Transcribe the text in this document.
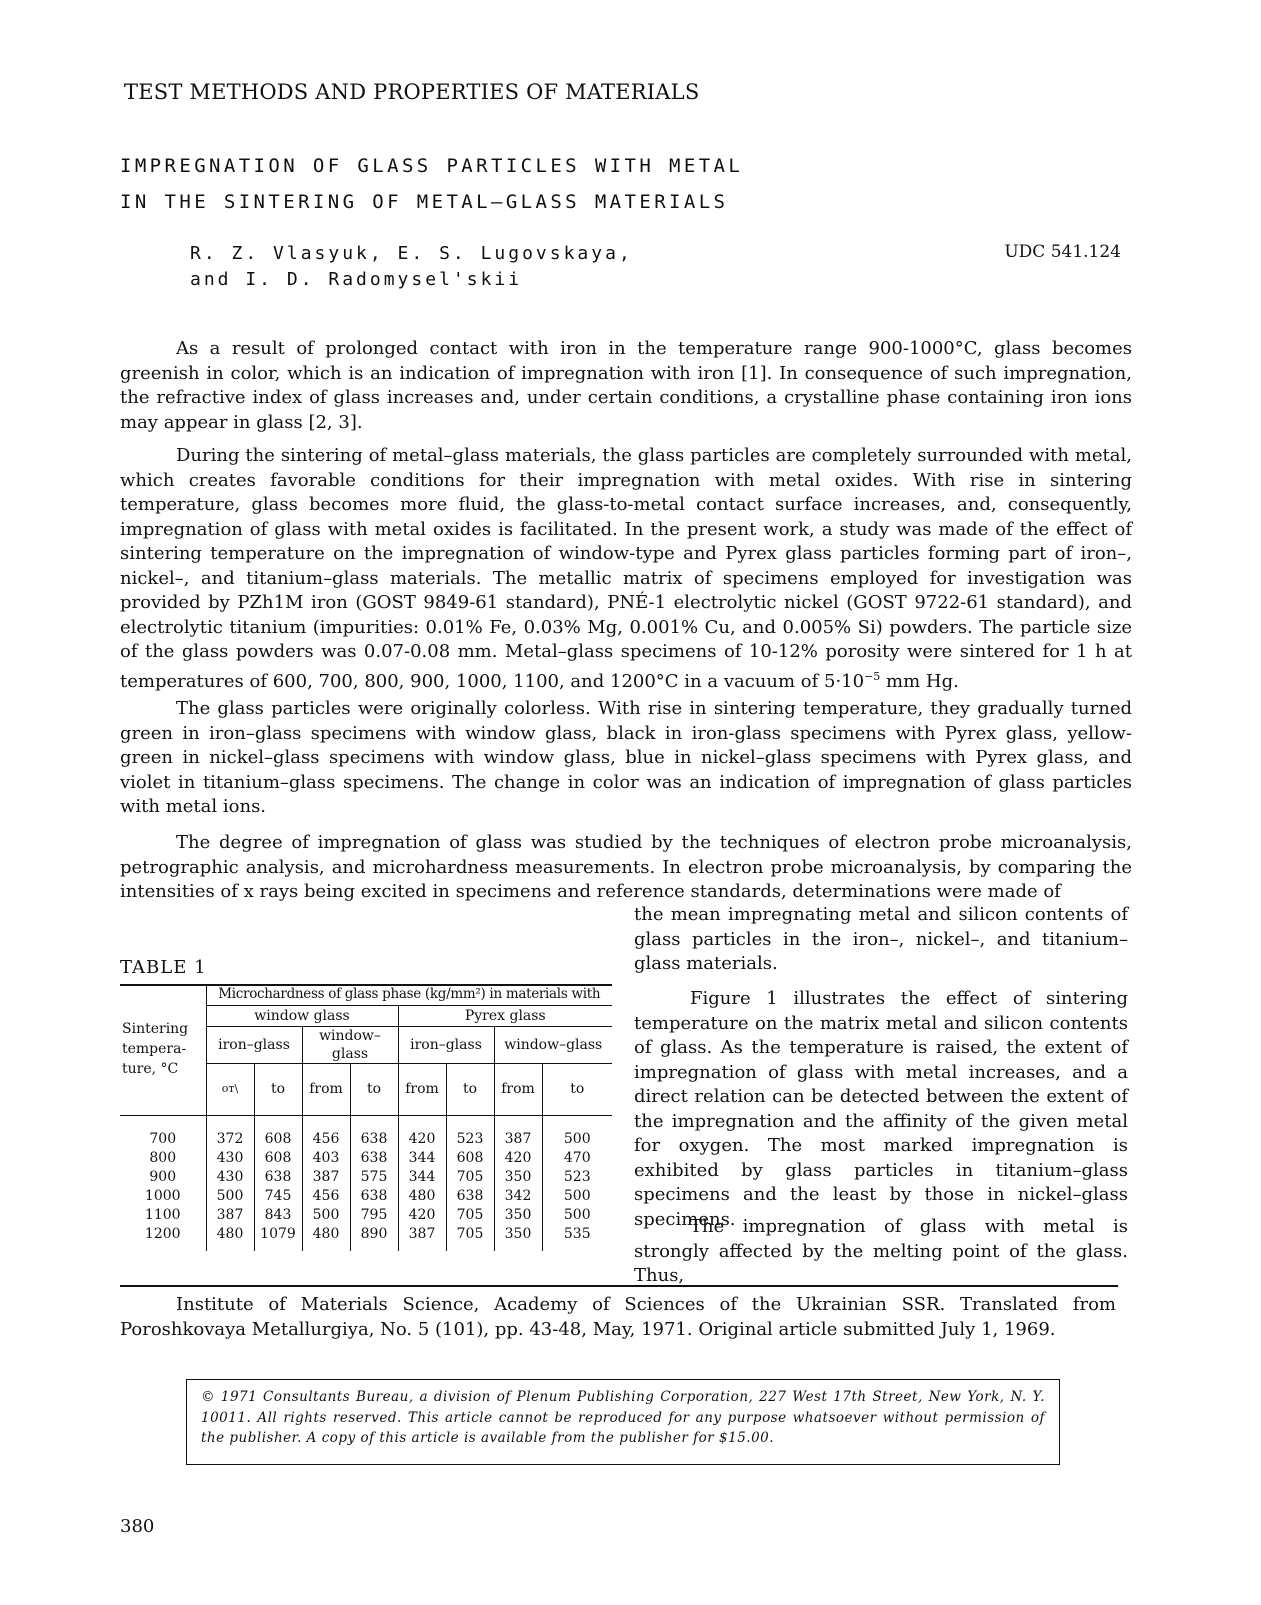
TEST METHODS AND PROPERTIES OF MATERIALS
IMPREGNATION OF GLASS PARTICLES WITH METAL
IN THE SINTERING OF METAL–GLASS MATERIALS
R. Z. Vlasyuk, E. S. Lugovskaya,
and I. D. Radomysel'skii
UDC 541.124
As a result of prolonged contact with iron in the temperature range 900-1000°C, glass becomes greenish in color, which is an indication of impregnation with iron [1]. In consequence of such impregnation, the refractive index of glass increases and, under certain conditions, a crystalline phase containing iron ions may appear in glass [2, 3].
During the sintering of metal–glass materials, the glass particles are completely surrounded with metal, which creates favorable conditions for their impregnation with metal oxides. With rise in sintering temperature, glass becomes more fluid, the glass-to-metal contact surface increases, and, consequently, impregnation of glass with metal oxides is facilitated. In the present work, a study was made of the effect of sintering temperature on the impregnation of window-type and Pyrex glass particles forming part of iron–, nickel–, and titanium–glass materials. The metallic matrix of specimens employed for investigation was provided by PZh1M iron (GOST 9849-61 standard), PNÉ-1 electrolytic nickel (GOST 9722-61 standard), and electrolytic titanium (impurities: 0.01% Fe, 0.03% Mg, 0.001% Cu, and 0.005% Si) powders. The particle size of the glass powders was 0.07-0.08 mm. Metal–glass specimens of 10-12% porosity were sintered for 1 h at temperatures of 600, 700, 800, 900, 1000, 1100, and 1200°C in a vacuum of $5\cdot 10^{-5}$ mm Hg.
The glass particles were originally colorless. With rise in sintering temperature, they gradually turned green in iron–glass specimens with window glass, black in iron-glass specimens with Pyrex glass, yellow-green in nickel–glass specimens with window glass, blue in nickel–glass specimens with Pyrex glass, and violet in titanium–glass specimens. The change in color was an indication of impregnation of glass particles with metal ions.
The degree of impregnation of glass was studied by the techniques of electron probe microanalysis, petrographic analysis, and microhardness measurements. In electron probe microanalysis, by comparing the intensities of x rays being excited in specimens and reference standards, determinations were made of
the mean impregnating metal and silicon contents of glass particles in the iron–, nickel–, and titanium–glass materials.
Figure 1 illustrates the effect of sintering temperature on the matrix metal and silicon contents of glass. As the temperature is raised, the extent of impregnation of glass with metal increases, and a direct relation can be detected between the extent of the impregnation and the affinity of the given metal for oxygen. The most marked impregnation is exhibited by glass particles in titanium–glass specimens and the least by those in nickel–glass specimens.
The impregnation of glass with metal is strongly affected by the melting point of the glass. Thus,
TABLE 1
Sintering tempera- ture, °C	Microchardness of glass phase (kg/mm²) in materials with							
	window glass				Pyrex glass			
	iron–glass		window–glass		iron–glass		window–glass	
	от\	to	from	to	from	to	from	to

700	372	608	456	638	420	523	387	500
800	430	608	403	638	344	608	420	470
900	430	638	387	575	344	705	350	523
1000	500	745	456	638	480	638	342	500
1100	387	843	500	795	420	705	350	500
1200	480	1079	480	890	387	705	350	535

Institute of Materials Science, Academy of Sciences of the Ukrainian SSR. Translated from Poroshkovaya Metallurgiya, No. 5 (101), pp. 43-48, May, 1971. Original article submitted July 1, 1969.
© 1971 Consultants Bureau, a division of Plenum Publishing Corporation, 227 West 17th Street, New York, N. Y. 10011. All rights reserved. This article cannot be reproduced for any purpose whatsoever without permission of the publisher. A copy of this article is available from the publisher for $15.00.
380
